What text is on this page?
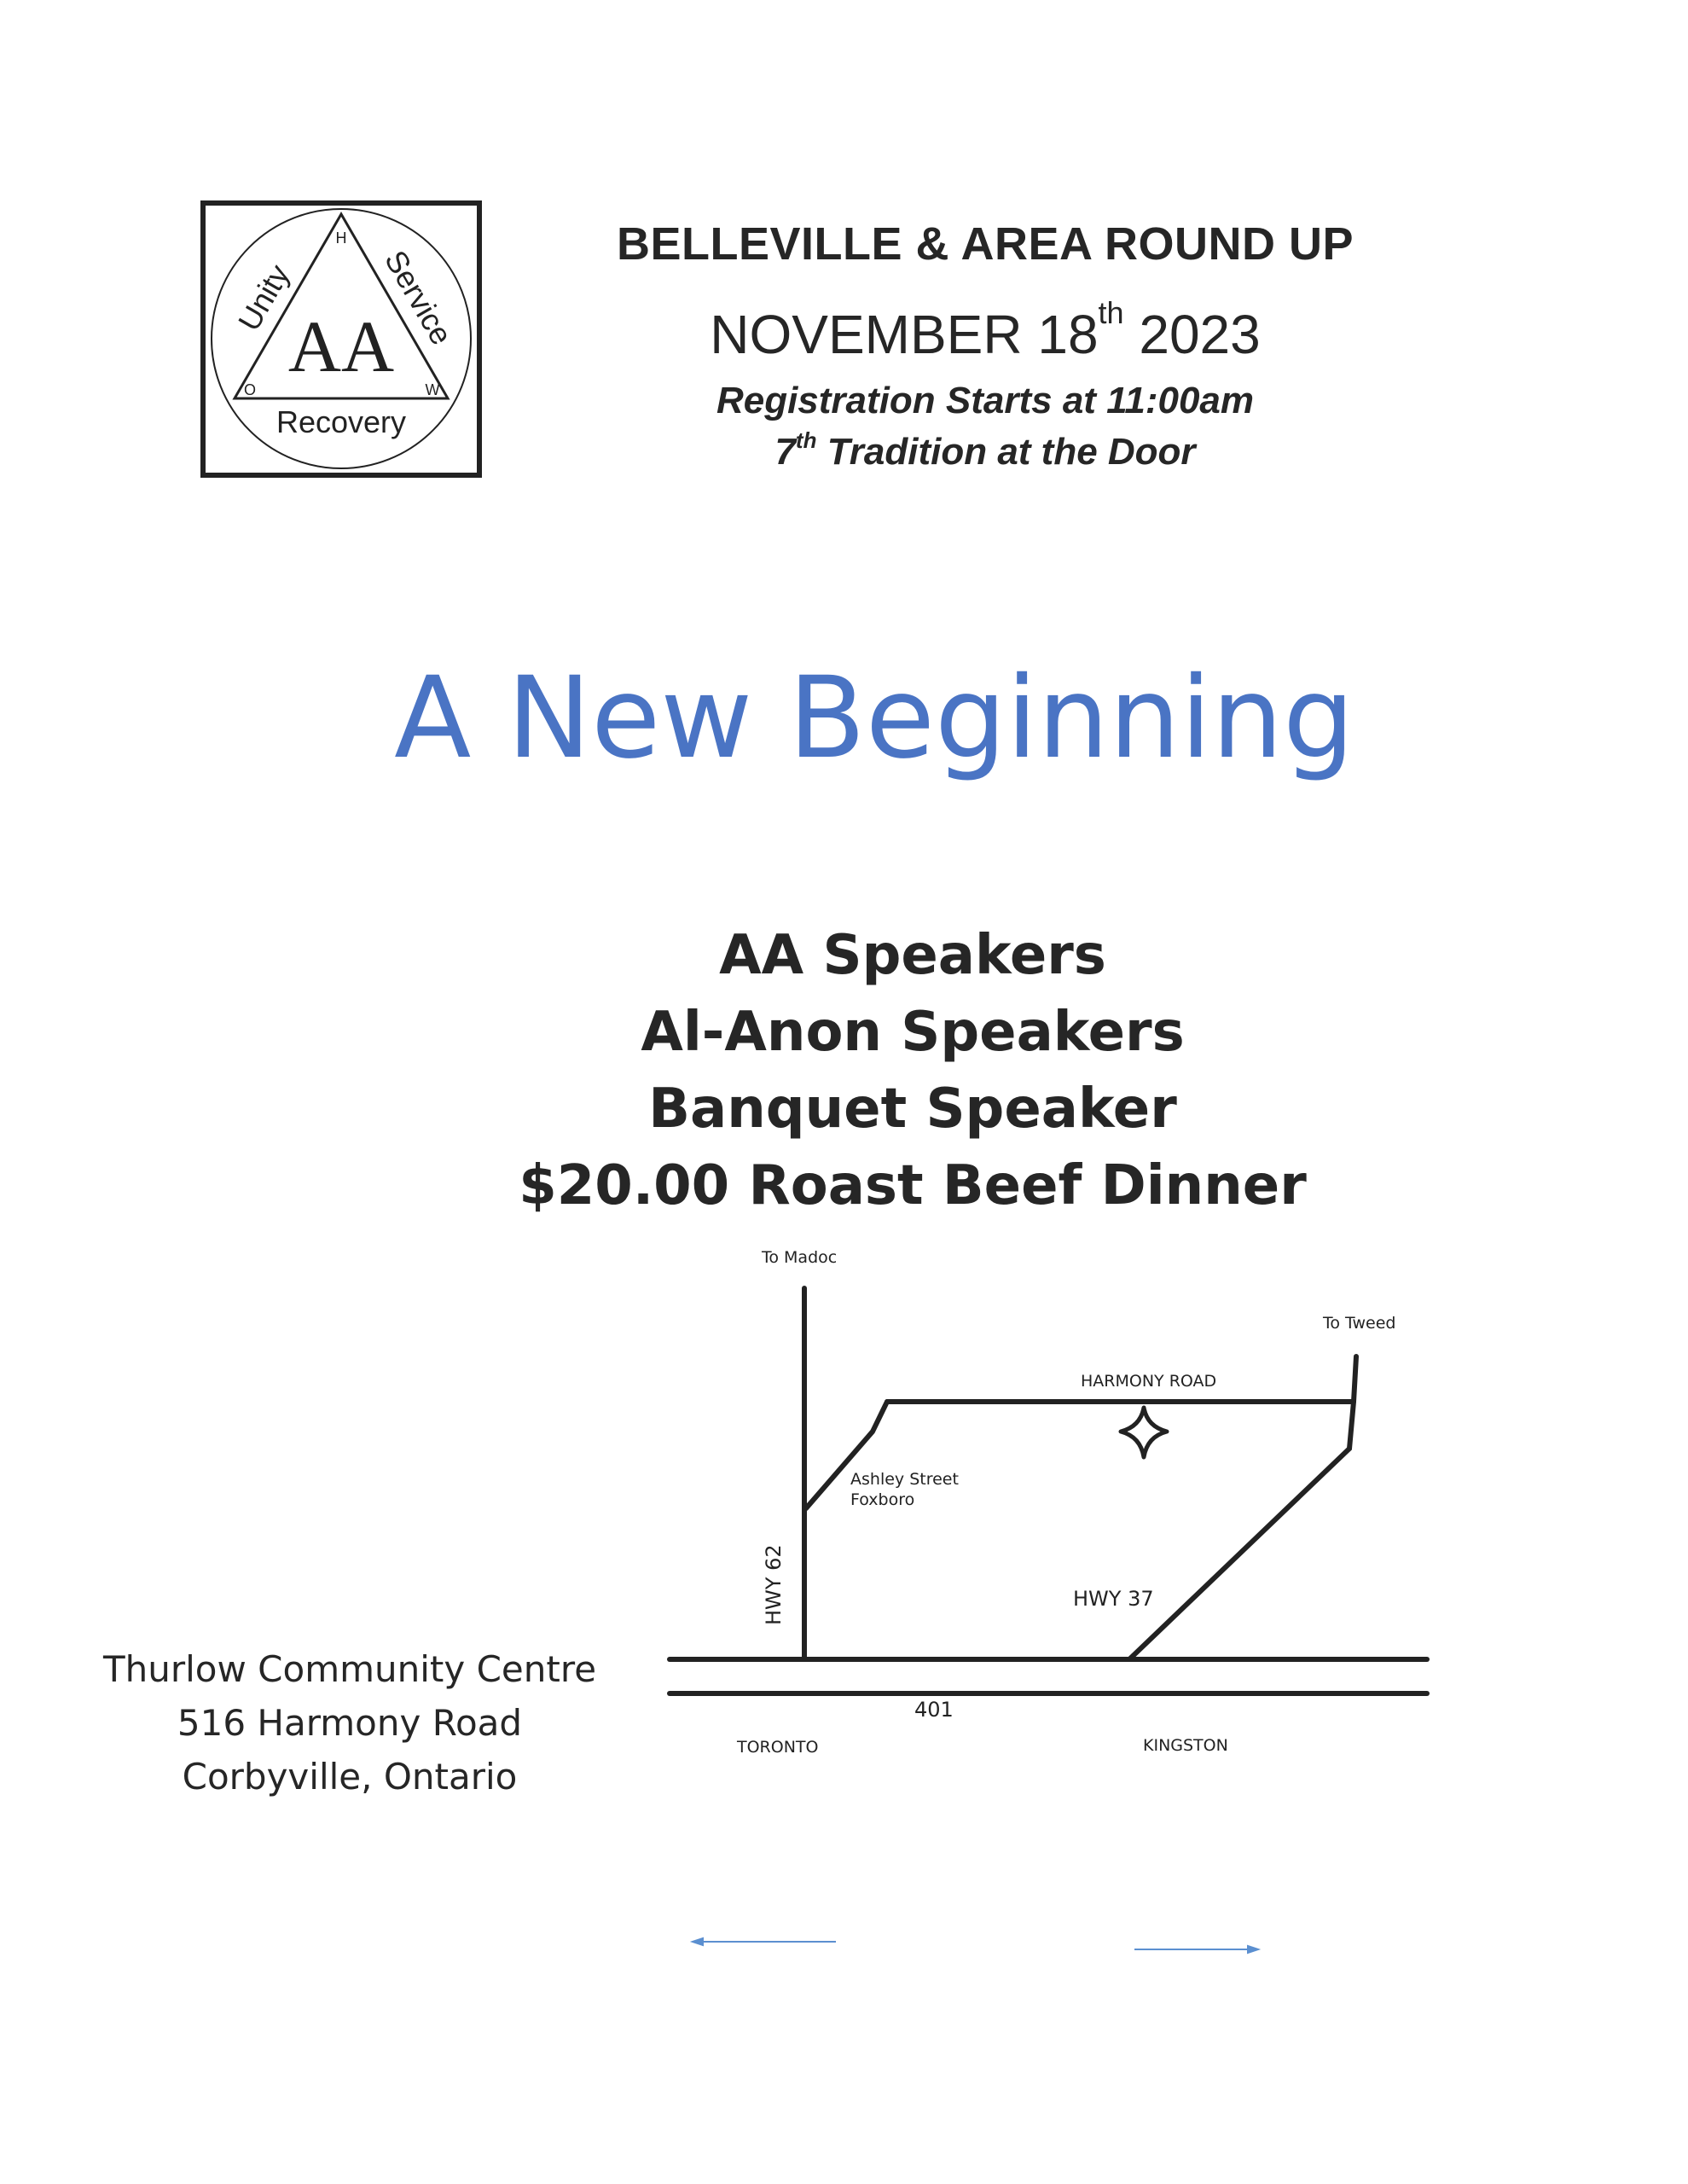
AA
Unity	Service
Recovery
H
O	W
BELLEVILLE & AREA ROUND UP
NOVEMBER 18th 2023
Registration Starts at 11:00am
7th Tradition at the Door
A New Beginning
AA Speakers
Al-Anon Speakers
Banquet Speaker
$20.00 Roast Beef Dinner
Thurlow Community Centre
516 Harmony Road
Corbyville, Ontario
To Madoc
To Tweed
HARMONY ROAD
Ashley Street
Foxboro
HWY 62	HWY 37
401
TORONTO	KINGSTON
